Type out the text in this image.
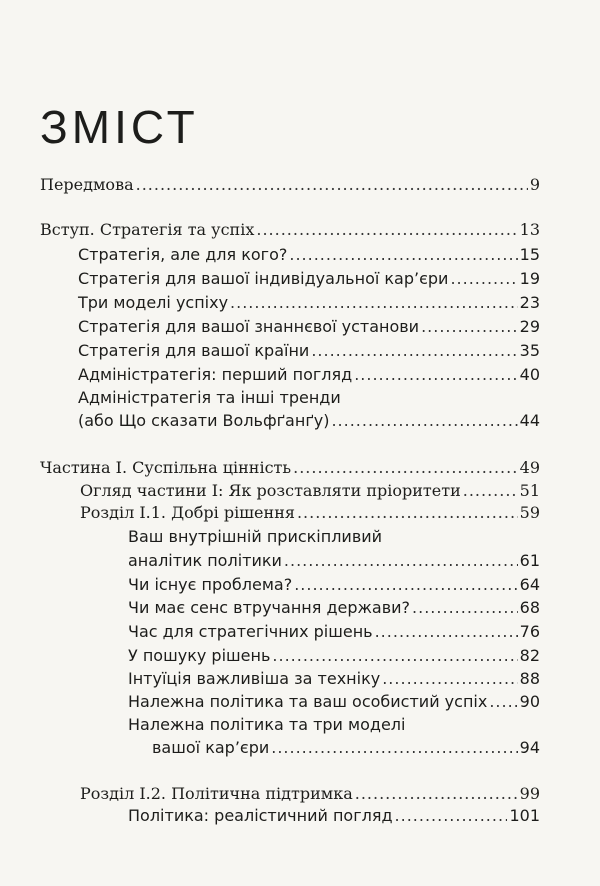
ЗМІСТ
Передмова .....	9
Вступ. Стратегія та успіх .....	13
Стратегія, але для кого? .....	15
Стратегія для вашої індивідуальної кар’єри .....	19
Три моделі успіху .....	23
Стратегія для вашої знаннєвої установи .....	29
Стратегія для вашої країни .....	35
Адміністратегія: перший погляд .....	40
Адміністратегія та інші тренди
(або Що сказати Вольфґанґу) .....	44
Частина I. Суспільна цінність .....	49
Огляд частини I: Як розставляти пріоритети .....	51
Розділ I.1. Добрі рішення .....	59
Ваш внутрішній прискіпливий
аналітик політики .....	61
Чи існує проблема? .....	64
Чи має сенс втручання держави? .....	68
Час для стратегічних рішень .....	76
У пошуку рішень .....	82
Інтуїція важливіша за техніку .....	88
Належна політика та ваш особистий успіх ..... 90
Належна політика та три моделі
вашої кар’єри .....	94
Розділ I.2. Політична підтримка .....	99
Політика: реалістичний погляд .....	101
